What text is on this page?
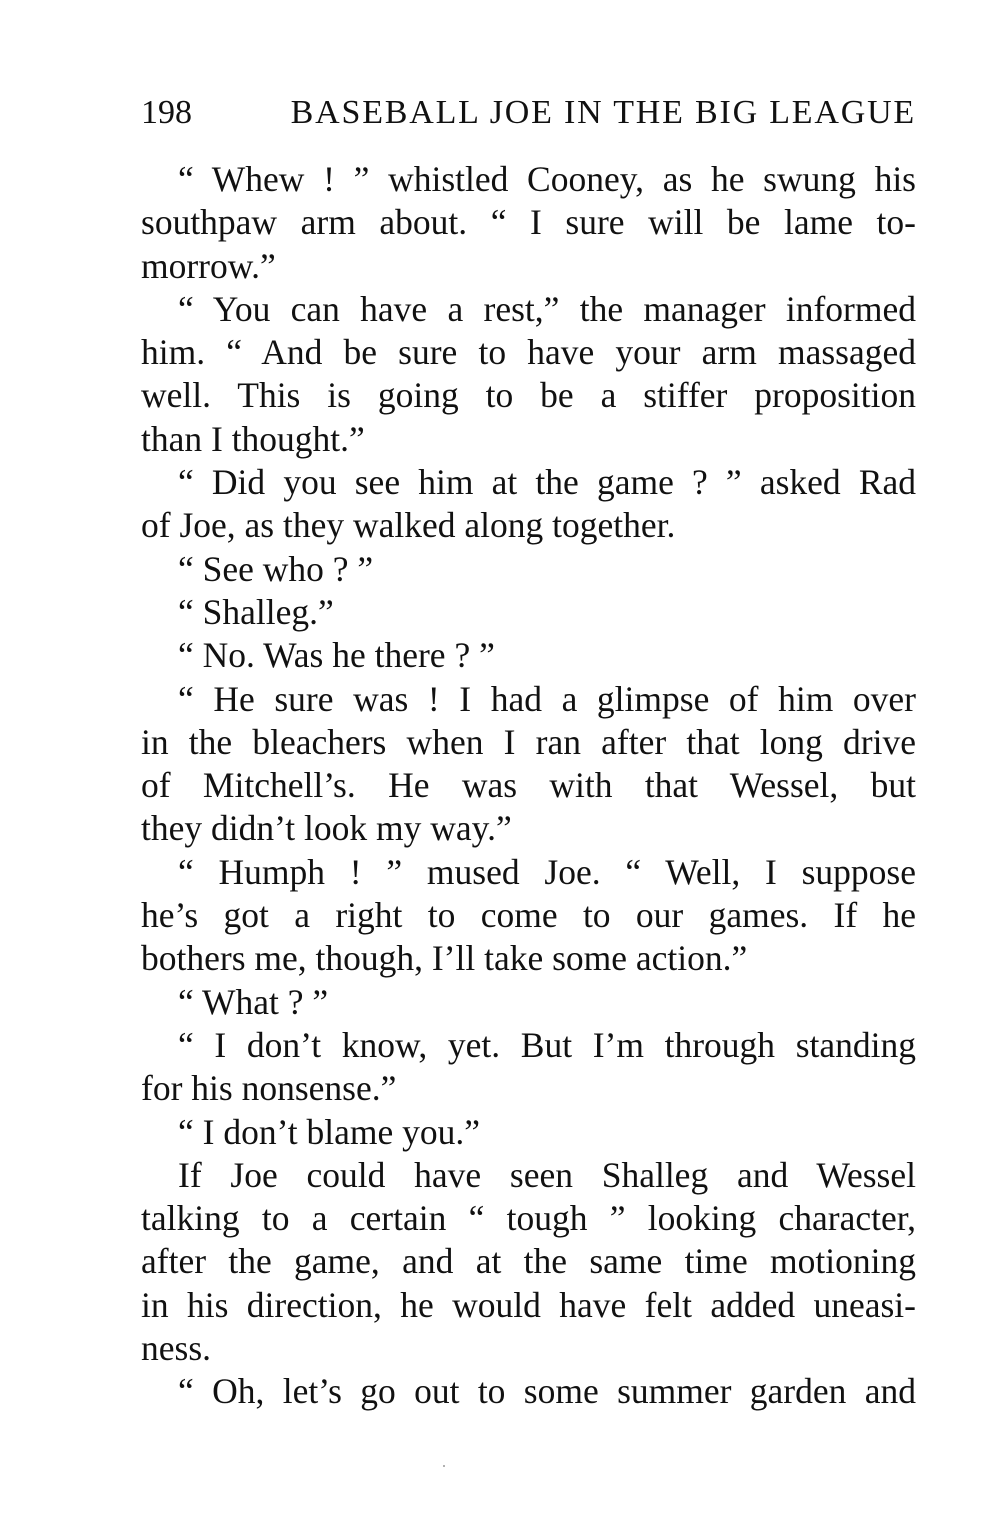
198	BASEBALL JOE IN THE BIG LEAGUE
“ Whew ! ” whistled Cooney, as he swung his
southpaw arm about. “ I sure will be lame to-
morrow.”
“ You can have a rest,” the manager informed
him. “ And be sure to have your arm massaged
well. This is going to be a stiffer proposition
than I thought.”
“ Did you see him at the game ? ” asked Rad
of Joe, as they walked along together.
“ See who ? ”
“ Shalleg.”
“ No. Was he there ? ”
“ He sure was ! I had a glimpse of him over
in the bleachers when I ran after that long drive
of Mitchell’s. He was with that Wessel, but
they didn’t look my way.”
“ Humph ! ” mused Joe. “ Well, I suppose
he’s got a right to come to our games. If he
bothers me, though, I’ll take some action.”
“ What ? ”
“ I don’t know, yet. But I’m through standing
for his nonsense.”
“ I don’t blame you.”
If Joe could have seen Shalleg and Wessel
talking to a certain “ tough ” looking character,
after the game, and at the same time motioning
in his direction, he would have felt added uneasi-
ness.
“ Oh, let’s go out to some summer garden and
